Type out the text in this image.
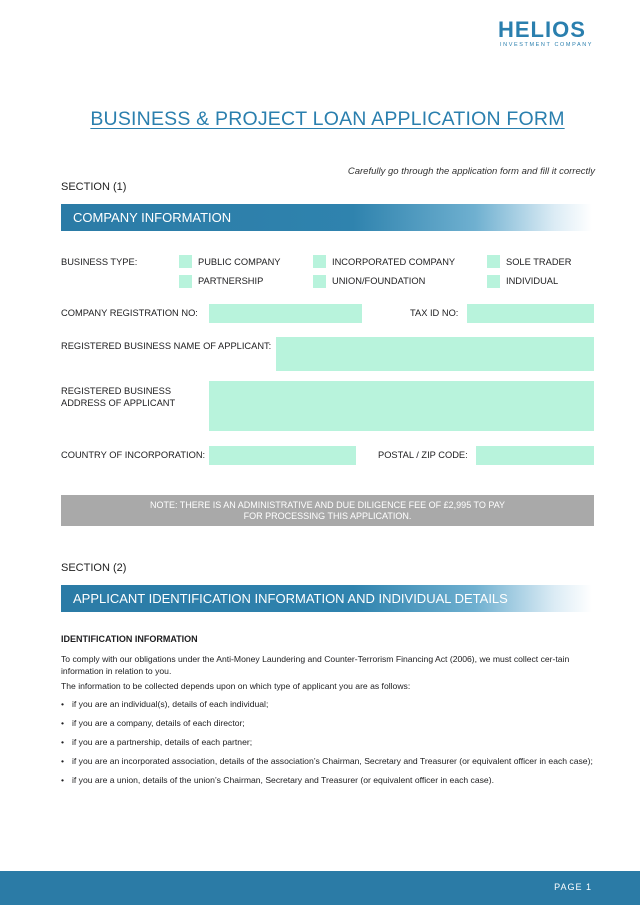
HELIOS
INVESTMENT COMPANY
BUSINESS & PROJECT LOAN APPLICATION FORM
Carefully go through the application form and fill it correctly
SECTION (1)
COMPANY INFORMATION
BUSINESS TYPE:	PUBLIC COMPANY	INCORPORATED COMPANY	SOLE TRADER
PARTNERSHIP	UNION/FOUNDATION	INDIVIDUAL
COMPANY REGISTRATION NO:	TAX ID NO:
REGISTERED BUSINESS NAME OF APPLICANT:
REGISTERED BUSINESS
ADDRESS OF APPLICANT
COUNTRY OF INCORPORATION:	POSTAL / ZIP CODE:
NOTE: THERE IS AN ADMINISTRATIVE AND DUE DILIGENCE FEE OF £2,995 TO PAY
FOR PROCESSING THIS APPLICATION.
SECTION (2)
APPLICANT IDENTIFICATION INFORMATION AND INDIVIDUAL DETAILS
IDENTIFICATION INFORMATION
To comply with our obligations under the Anti-Money Laundering and Counter-Terrorism Financing Act (2006), we must collect cer-tain information in relation to you.
The information to be collected depends upon on which type of applicant you are as follows:
• if you are an individual(s), details of each individual;
• if you are a company, details of each director;
• if you are a partnership, details of each partner;
• if you are an incorporated association, details of the association’s Chairman, Secretary and Treasurer (or equivalent officer in each case);
• if you are a union, details of the union’s Chairman, Secretary and Treasurer (or equivalent officer in each case).
PAGE 1
